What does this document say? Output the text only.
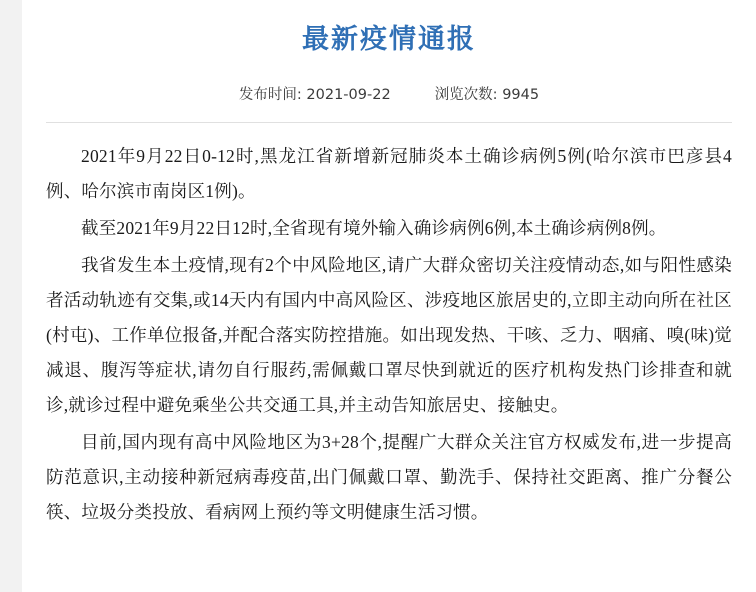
最新疫情通报
发布时间: 2021-09-22	浏览次数: 9945

2021年9月22日0-12时,黑龙江省新增新冠肺炎本土确诊病例5例(哈尔滨市巴彦县4例、哈尔滨市南岗区1例)。

截至2021年9月22日12时,全省现有境外输入确诊病例6例,本土确诊病例8例。

我省发生本土疫情,现有2个中风险地区,请广大群众密切关注疫情动态,如与阳性感染者活动轨迹有交集,或14天内有国内中高风险区、涉疫地区旅居史的,立即主动向所在社区(村屯)、工作单位报备,并配合落实防控措施。如出现发热、干咳、乏力、咽痛、嗅(味)觉减退、腹泻等症状,请勿自行服药,需佩戴口罩尽快到就近的医疗机构发热门诊排查和就诊,就诊过程中避免乘坐公共交通工具,并主动告知旅居史、接触史。

目前,国内现有高中风险地区为3+28个,提醒广大群众关注官方权威发布,进一步提高防范意识,主动接种新冠病毒疫苗,出门佩戴口罩、勤洗手、保持社交距离、推广分餐公筷、垃圾分类投放、看病网上预约等文明健康生活习惯。
